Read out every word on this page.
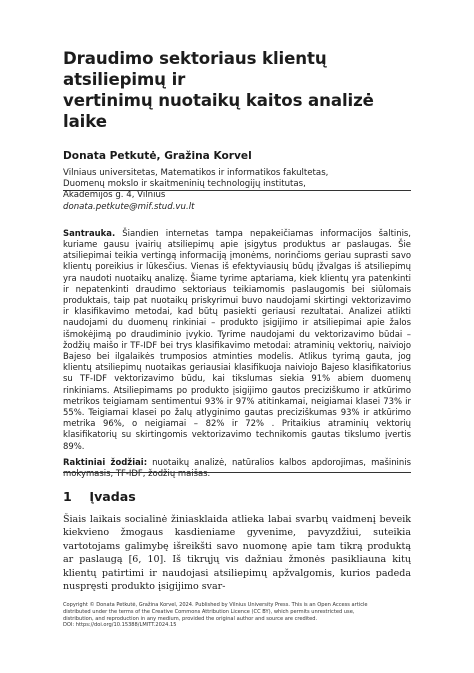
Draudimo sektoriaus klientų atsiliepimų ir
vertinimų nuotaikų kaitos analizė laike
Donata Petkutė, Gražina Korvel
Vilniaus universitetas, Matematikos ir informatikos fakultetas,
Duomenų mokslo ir skaitmeninių technologijų institutas,
Akademijos g. 4, Vilnius
donata.petkute@mif.stud.vu.lt
Santrauka. Šiandien internetas tampa nepakeičiamas informacijos šaltinis, kuriame gausu įvairių atsiliepimų apie įsigytus produktus ar paslaugas. Šie atsiliepimai teikia vertingą informaciją įmonėms, norinčioms geriau suprasti savo klientų poreikius ir lūkesčius. Vienas iš efektyviausių būdų įžvalgas iš atsiliepimų yra naudoti nuotaikų analizę. Šiame tyrime aptariama, kiek klientų yra patenkinti ir nepatenkinti draudimo sektoriaus teikiamomis paslaugomis bei siūlomais produktais, taip pat nuotaikų priskyrimui buvo naudojami skirtingi vektorizavimo ir klasifikavimo metodai, kad būtų pasiekti geriausi rezultatai. Analizei atlikti naudojami du duomenų rinkiniai – produkto įsigijimo ir atsiliepimai apie žalos išmokėjimą po draudiminio įvykio. Tyrime naudojami du vektorizavimo būdai – žodžių maišo ir TF-IDF bei trys klasifikavimo metodai: atraminių vektorių, naiviojo Bajeso bei ilgalaikės trumposios atminties modelis. Atlikus tyrimą gauta, jog klientų atsiliepimų nuotaikas geriausiai klasifikuoja naiviojo Bajeso klasifikatorius su TF-IDF vektorizavimo būdu, kai tikslumas siekia 91% abiem duomenų rinkiniams. Atsiliepimams po produkto įsigijimo gautos preciziškumo ir atkūrimo metrikos teigiamam sentimentui 93% ir 97% atitinkamai, neigiamai klasei 73% ir 55%. Teigiamai klasei po žalų atlyginimo gautas preciziškumas 93% ir atkūrimo metrika 96%, o neigiamai – 82% ir 72% . Pritaikius atraminių vektorių klasifikatorių su skirtingomis vektorizavimo technikomis gautas tikslumo įvertis 89%.
Raktiniai žodžiai: nuotaikų analizė, natūralios kalbos apdorojimas, mašininis mokymasis, TF-IDF, žodžių maišas.
1 Įvadas
Šiais laikais socialinė žiniasklaida atlieka labai svarbų vaidmenį beveik kiekvieno žmogaus kasdieniame gyvenime, pavyzdžiui, suteikia vartotojams galimybę išreikšti savo nuomonę apie tam tikrą produktą ar paslaugą [6, 10]. Iš tikrųjų vis dažniau žmonės pasikliauna kitų klientų patirtimi ir naudojasi atsiliepimų apžvalgomis, kurios padeda nuspręsti produkto įsigijimo svar-
Copyright © Donata Petkutė, Gražina Korvel, 2024. Published by Vilnius University Press. This is an Open Access article
distributed under the terms of the Creative Commons Attribution Licence (CC BY), which permits unrestricted use,
distribution, and reproduction in any medium, provided the original author and source are credited.
DOI: https://doi.org/10.15388/LMITT.2024.15
